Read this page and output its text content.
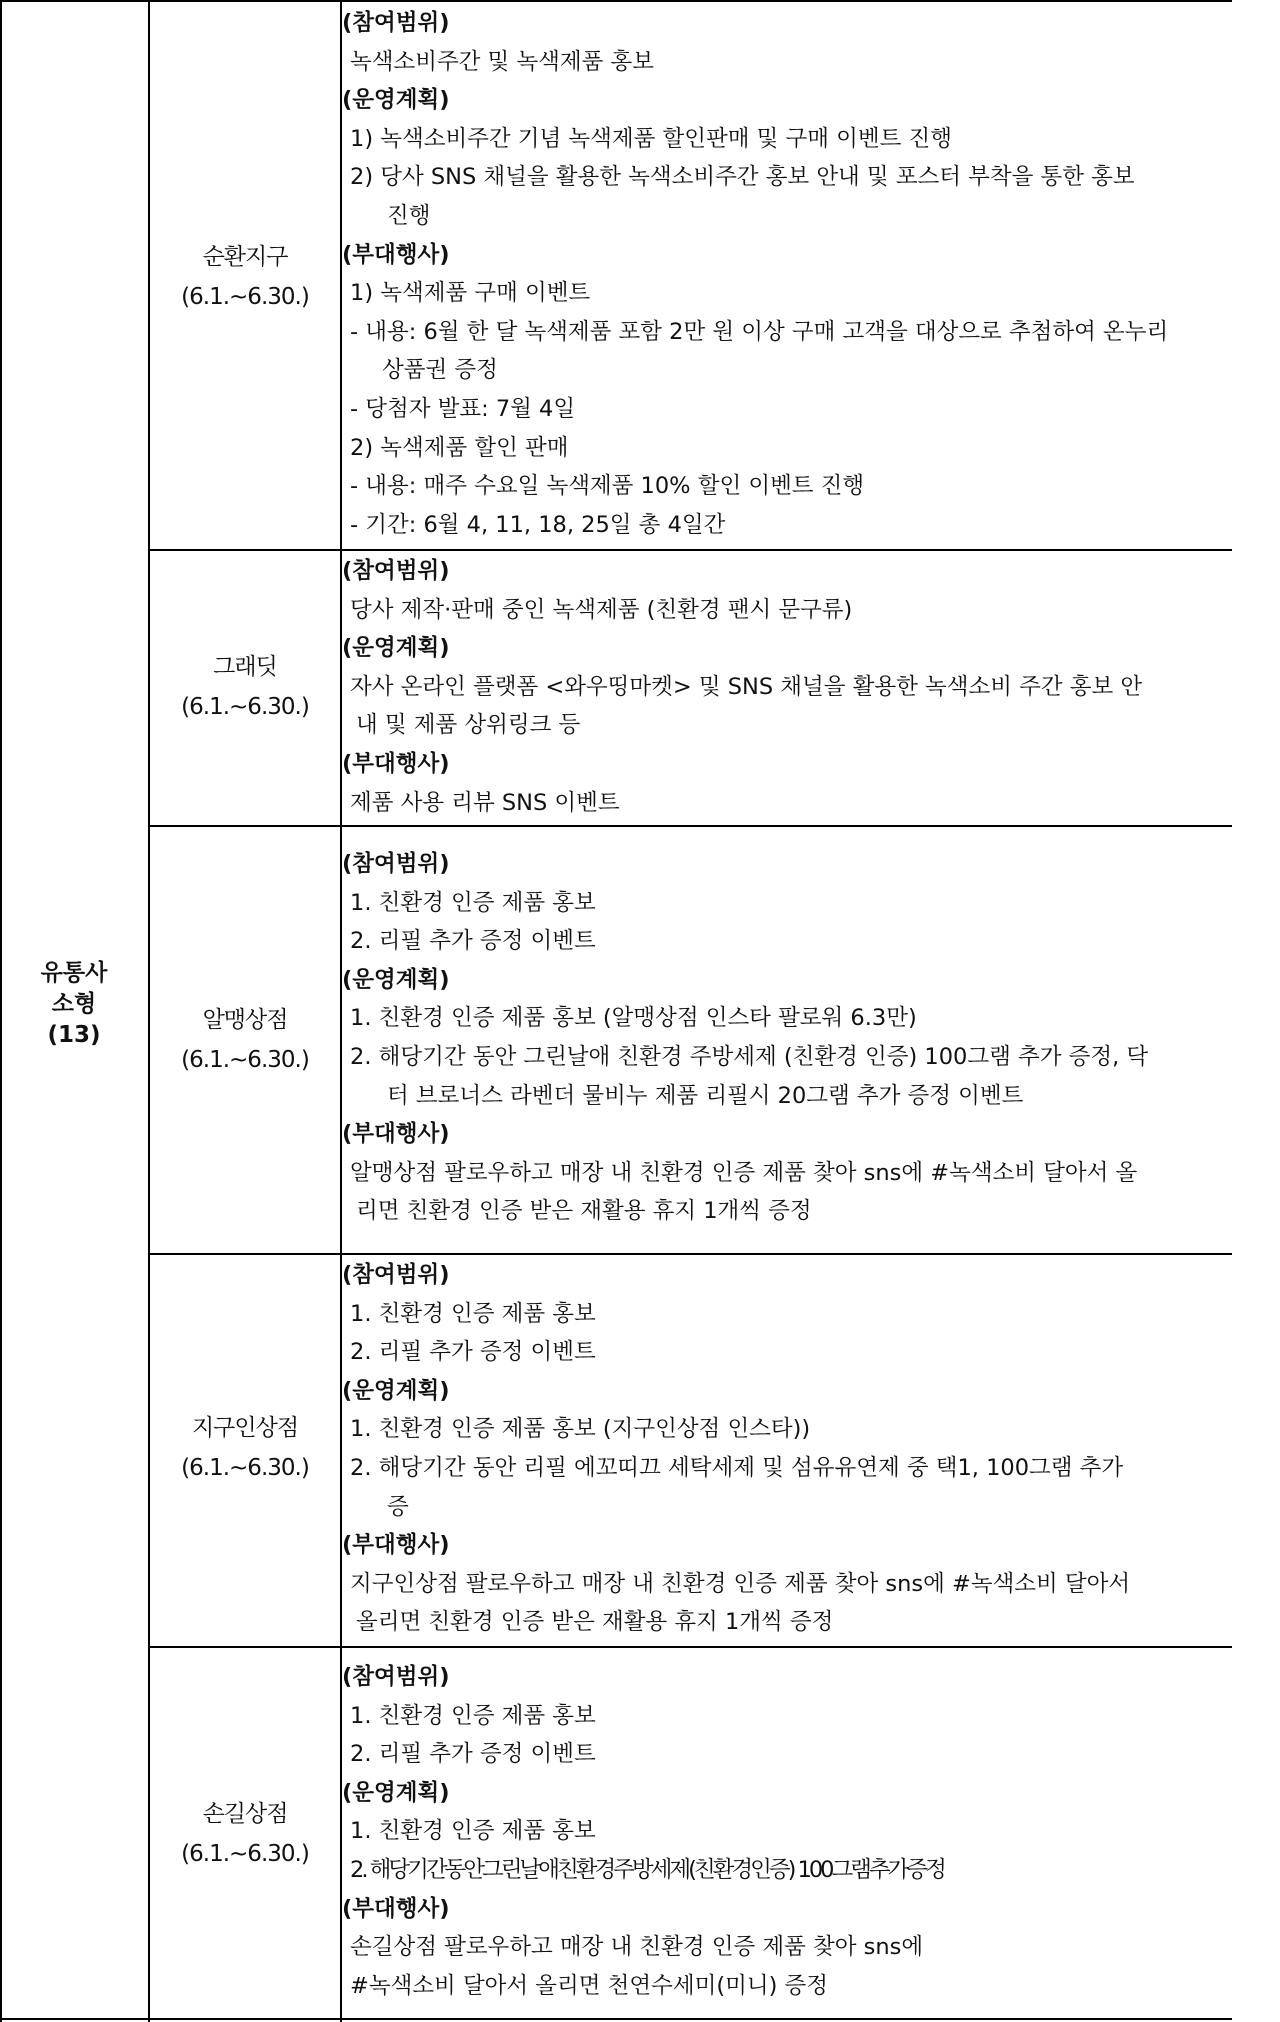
유통사
소형
(13)
순환지구
(6.1.~6.30.)
(참여범위)
녹색소비주간 및 녹색제품 홍보
(운영계획)
1) 녹색소비주간 기념 녹색제품 할인판매 및 구매 이벤트 진행
2) 당사 SNS 채널을 활용한 녹색소비주간 홍보 안내 및 포스터 부착을 통한 홍보
진행
(부대행사)
1) 녹색제품 구매 이벤트
- 내용: 6월 한 달 녹색제품 포함 2만 원 이상 구매 고객을 대상으로 추첨하여 온누리
상품권 증정
- 당첨자 발표: 7월 4일
2) 녹색제품 할인 판매
- 내용: 매주 수요일 녹색제품 10% 할인 이벤트 진행
- 기간: 6월 4, 11, 18, 25일 총 4일간
그래딧
(6.1.~6.30.)
(참여범위)
당사 제작·판매 중인 녹색제품 (친환경 팬시 문구류)
(운영계획)
자사 온라인 플랫폼 <와우띵마켓> 및 SNS 채널을 활용한 녹색소비 주간 홍보 안
내 및 제품 상위링크 등
(부대행사)
제품 사용 리뷰 SNS 이벤트
알맹상점
(6.1.~6.30.)
(참여범위)
1. 친환경 인증 제품 홍보
2. 리필 추가 증정 이벤트
(운영계획)
1. 친환경 인증 제품 홍보 (알맹상점 인스타 팔로워 6.3만)
2. 해당기간 동안 그린날애 친환경 주방세제 (친환경 인증) 100그램 추가 증정, 닥
터 브로너스 라벤더 물비누 제품 리필시 20그램 추가 증정 이벤트
(부대행사)
알맹상점 팔로우하고 매장 내 친환경 인증 제품 찾아 sns에 #녹색소비 달아서 올
리면 친환경 인증 받은 재활용 휴지 1개씩 증정
지구인상점
(6.1.~6.30.)
(참여범위)
1. 친환경 인증 제품 홍보
2. 리필 추가 증정 이벤트
(운영계획)
1. 친환경 인증 제품 홍보 (지구인상점 인스타))
2. 해당기간 동안 리필 에꼬띠끄 세탁세제 및 섬유유연제 중 택1, 100그램 추가
증
(부대행사)
지구인상점 팔로우하고 매장 내 친환경 인증 제품 찾아 sns에 #녹색소비 달아서
올리면 친환경 인증 받은 재활용 휴지 1개씩 증정
손길상점
(6.1.~6.30.)
(참여범위)
1. 친환경 인증 제품 홍보
2. 리필 추가 증정 이벤트
(운영계획)
1. 친환경 인증 제품 홍보
2. 해당기간동안그린날애친환경주방세제(친환경인증) 100그램추가증정
(부대행사)
손길상점 팔로우하고 매장 내 친환경 인증 제품 찾아 sns에
#녹색소비 달아서 올리면 천연수세미(미니) 증정
